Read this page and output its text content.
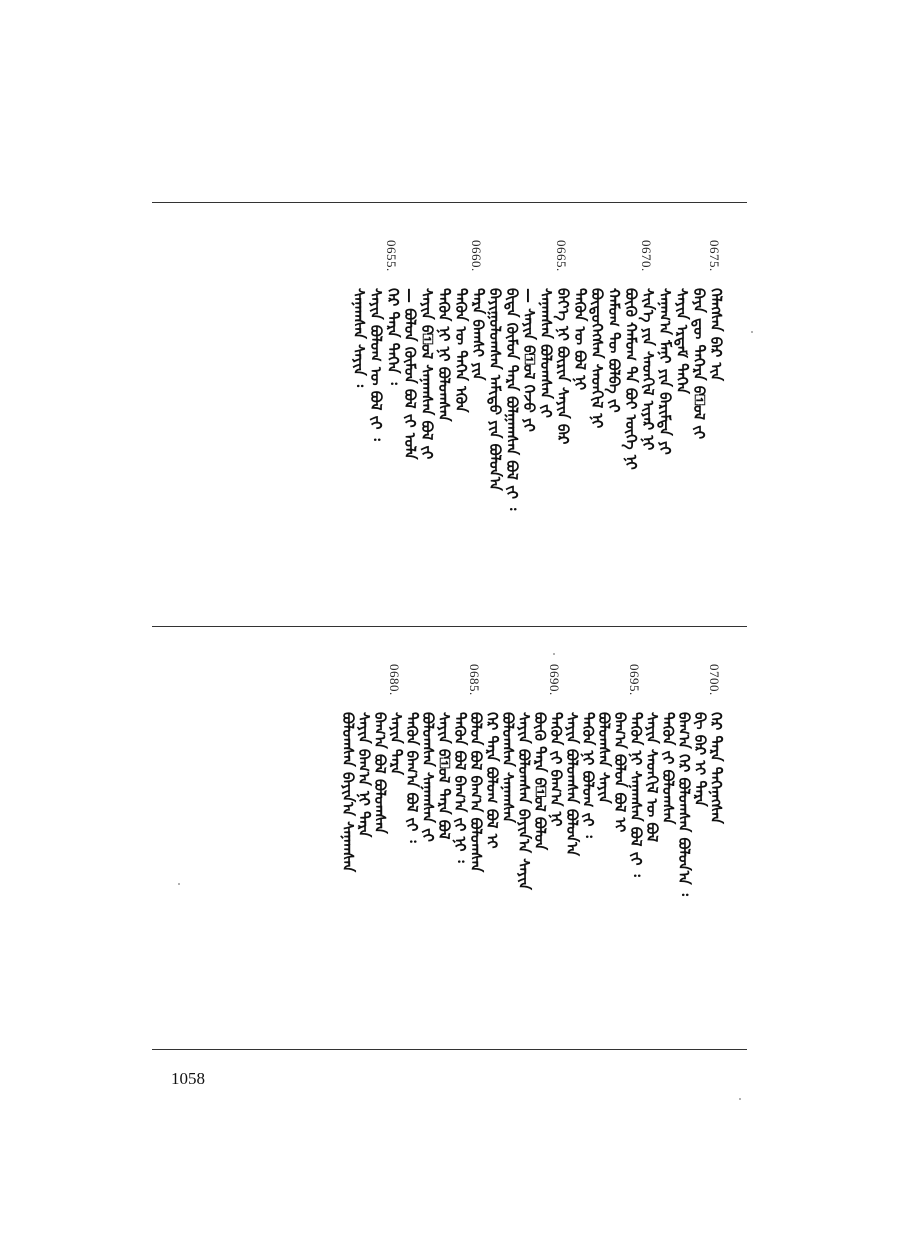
0675.
ᠬᠡᠯᠡᠭᠰᠡᠨ ᠪᠡᠷ ᠢᠨ
ᠪᠡᠶᠡ ᠳᠦ ᠳᠡᠭᠡᠷᠡ ᠪ᠋ᠣᠯ ᠵᠢ
ᠰᠠᠶᠢᠨ ᠡᠷᠳᠡᠮ ᠳᠡᠭᠡᠨ
ᠰᠠᠨᠠᠭ᠎ᠠ ᠮᠠᠨᠢ ᠶᠢᠨ ᠪᠠᠷᠢᠮᠲᠠ ᠶᠢ
0670.
ᠰᠢᠨ᠎ᠡ ᠶᠢᠨ ᠰᠡᠳᠬᠢᠯ ᠢᠶᠡᠷ ᠨᠢ
ᠪᠦᠬᠦ ᠬᠠᠮᠤᠭ ᠲᠠ ᠪᠤᠢ ᠦᠭᠡ ᠨᠢ
ᠬᠠᠮᠤᠭ ᠲᠦ ᠪᠣᠯᠪᠠ ᠵᠢ
ᠪᠦᠲᠦᠭᠡᠭᠰᠡᠨ ᠰᠡᠳᠬᠢᠯ ᠨᠢ
ᠲᠡᠭᠦᠨ ᠦ ᠪᠣᠯ ᠨᠢ
0665.
ᠪᠡᠶ᠎ᠡ ᠨᠢ ᠪᠦᠷᠢᠨ ᠰᠠᠶᠢᠨ ᠪᠡᠷ
ᠰᠠᠨᠠᠭᠰᠠᠨ ᠪᠣᠯᠤᠭᠰᠠᠨ ᠵᠢ
— ᠰᠠᠶᠢᠨ ᠪ᠋ᠣᠯ ᠭᠡᠵᠦ ᠶᠢ
ᠪᠢᠳᠡ ᠬᠦᠮᠦᠨ ᠲᠡᠷᠡ ᠪᠣᠯᠭᠠᠭᠰᠠᠨ ᠪᠣᠯ ᠵᠢ ᠄
ᠪᠠᠶᠢᠭᠤᠯᠤᠭᠰᠠᠨ ᠠᠮᠢᠳᠤ ᠶᠢᠨ ᠪᠣᠯᠤᠨ᠎ᠠ
0660.
ᠲᠡᠷᠡ ᠪᠠᠭᠰᠢ ᠶᠢᠨ
ᠲᠡᠭᠦᠨ ᠦ ᠲᠡᠭᠡᠨ ᠡᠭᠦᠨ
ᠲᠡᠭᠦᠨ ᠨᠢ ᠨᠢ ᠪᠣᠯᠤᠭᠰᠠᠨ
ᠰᠠᠶᠢᠨ ᠪ᠋ᠣᠯ ᠰᠠᠨᠠᠭᠰᠠᠨ ᠪᠣᠯ ᠵᠢ
— ᠪᠣᠯᠤᠨ ᠬᠦᠮᠦᠨ ᠪᠣᠯ ᠵᠢ ᠤᠯᠠ
0655.
ᠬᠡᠷ ᠲᠡᠷᠡ ᠲᠡᠭᠡᠨ ᠄
ᠰᠠᠶᠢᠨ ᠪᠣᠯᠤᠭ ᠦ ᠪᠣᠯ ᠵᠢ ᠄
ᠰᠠᠨᠠᠭᠰᠠᠨ ᠰᠠᠶᠢᠨ ᠄
0700.
ᠬᠡᠷ ᠲᠡᠷᠡ ᠲᠡᠭᠡᠨᠡᠭᠰᠡᠨ
ᠪᠢ ᠪᠡᠷ ᠢ ᠲᠡᠷᠡ
ᠪᠠᠭ᠎ᠠ ᠭᠡᠷ ᠪᠣᠯᠤᠭᠰᠠᠨ ᠪᠣᠯᠤᠨ᠎ᠠ ᠄
ᠲᠡᠭᠦᠨ ᠵᠢ ᠪᠣᠯᠤᠭᠰᠠᠨ
ᠰᠠᠶᠢᠨ ᠰᠡᠳᠬᠢᠯ ᠦ ᠪᠣᠯ
0695.
ᠲᠡᠭᠦᠨ ᠨᠢ ᠰᠠᠨᠠᠭᠰᠠᠨ ᠪᠣᠯ ᠵᠢ ᠄
ᠪᠠᠭ᠎ᠠ ᠪᠣᠯᠤᠨ ᠪᠣᠯ ᠢ
ᠪᠣᠯᠤᠭᠰᠠᠨ ᠰᠠᠶᠢᠨ
ᠲᠡᠭᠦᠨ ᠨᠢ ᠪᠣᠯᠤᠭ ᠵᠢ ᠄
ᠰᠠᠶᠢᠨ ᠪᠣᠯᠤᠭᠰᠠᠨ ᠪᠣᠯᠤᠨ᠎ᠠ
0690.
ᠲᠡᠭᠦᠨ ᠵᠢ ᠪᠠᠭ᠎ᠠ ᠨᠢ
ᠪᠦᠬᠦ ᠲᠡᠷᠡ ᠪ᠋ᠣᠯ ᠪᠣᠯᠤᠨ
ᠰᠠᠶᠢᠨ ᠪᠣᠯᠤᠭᠰᠠᠨ ᠪᠠᠶᠢᠨ᠎ᠠ ᠰᠠᠶᠢᠨ
ᠪᠣᠯᠤᠭᠰᠠᠨ ᠰᠠᠨᠠᠭᠰᠠᠨ
ᠬᠡᠷ ᠲᠡᠷᠡ ᠪᠣᠯᠤᠭ ᠪᠣᠯ ᠢ
0685.
ᠪᠣᠯᠤᠨ ᠪᠣᠯ ᠪᠠᠭ᠎ᠠ ᠪᠣᠯᠤᠭᠰᠠᠨ
ᠲᠡᠭᠦᠨ ᠪᠣᠯ ᠪᠠᠭ᠎ᠠ ᠵᠢ ᠨᠢ ᠄
ᠰᠠᠶᠢᠨ ᠪ᠋ᠣᠯ ᠲᠡᠷᠡ ᠪᠣᠯ
ᠪᠣᠯᠤᠭᠰᠠᠨ ᠰᠠᠨᠠᠭᠰᠠᠨ ᠵᠢ
ᠲᠡᠭᠦᠨ ᠪᠠᠭ᠎ᠠ ᠪᠣᠯ ᠵᠢ ᠄
0680.
ᠰᠠᠶᠢᠨ ᠲᠡᠷᠡ
ᠪᠠᠭ᠎ᠠ ᠪᠣᠯ ᠪᠣᠯᠤᠭᠰᠠᠨ
ᠰᠠᠶᠢᠨ ᠪᠠᠭ᠎ᠠ ᠨᠢ ᠲᠡᠷᠡ
ᠪᠣᠯᠤᠭᠰᠠᠨ ᠪᠠᠶᠢᠨ᠎ᠠ ᠰᠠᠨᠠᠭᠰᠠᠨ
1058
